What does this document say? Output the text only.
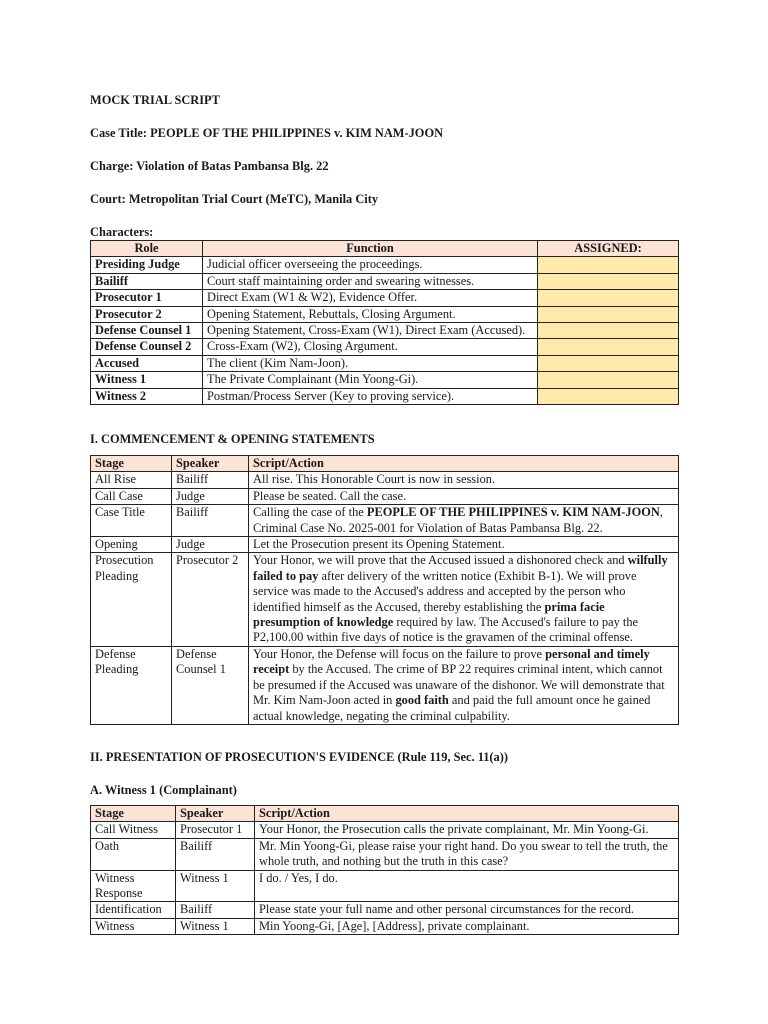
MOCK TRIAL SCRIPT
Case Title: PEOPLE OF THE PHILIPPINES v. KIM NAM-JOON
Charge: Violation of Batas Pambansa Blg. 22
Court: Metropolitan Trial Court (MeTC), Manila City
Characters:
Role	Function	ASSIGNED:
Presiding Judge	Judicial officer overseeing the proceedings.	
Bailiff	Court staff maintaining order and swearing witnesses.	
Prosecutor 1	Direct Exam (W1 & W2), Evidence Offer.	
Prosecutor 2	Opening Statement, Rebuttals, Closing Argument.	
Defense Counsel 1	Opening Statement, Cross-Exam (W1), Direct Exam (Accused).	
Defense Counsel 2	Cross-Exam (W2), Closing Argument.	
Accused	The client (Kim Nam-Joon).	
Witness 1	The Private Complainant (Min Yoong-Gi).	
Witness 2	Postman/Process Server (Key to proving service).	
I. COMMENCEMENT & OPENING STATEMENTS
Stage	Speaker	Script/Action
All Rise	Bailiff	All rise. This Honorable Court is now in session.
Call Case	Judge	Please be seated. Call the case.
Case Title	Bailiff	Calling the case of the PEOPLE OF THE PHILIPPINES v. KIM NAM-JOON, Criminal Case No. 2025-001 for Violation of Batas Pambansa Blg. 22.
Opening	Judge	Let the Prosecution present its Opening Statement.
Prosecution Pleading	Prosecutor 2	Your Honor, we will prove that the Accused issued a dishonored check and wilfully failed to pay after delivery of the written notice (Exhibit B-1). We will prove service was made to the Accused's address and accepted by the person who identified himself as the Accused, thereby establishing the prima facie presumption of knowledge required by law. The Accused's failure to pay the P2,100.00 within five days of notice is the gravamen of the criminal offense.
Defense Pleading	Defense Counsel 1	Your Honor, the Defense will focus on the failure to prove personal and timely receipt by the Accused. The crime of BP 22 requires criminal intent, which cannot be presumed if the Accused was unaware of the dishonor. We will demonstrate that Mr. Kim Nam-Joon acted in good faith and paid the full amount once he gained actual knowledge, negating the criminal culpability.
II. PRESENTATION OF PROSECUTION'S EVIDENCE (Rule 119, Sec. 11(a))
A. Witness 1 (Complainant)
Stage	Speaker	Script/Action
Call Witness	Prosecutor 1	Your Honor, the Prosecution calls the private complainant, Mr. Min Yoong-Gi.
Oath	Bailiff	Mr. Min Yoong-Gi, please raise your right hand. Do you swear to tell the truth, the whole truth, and nothing but the truth in this case?
Witness Response	Witness 1	I do. / Yes, I do.
Identification	Bailiff	Please state your full name and other personal circumstances for the record.
Witness	Witness 1	Min Yoong-Gi, [Age], [Address], private complainant.
